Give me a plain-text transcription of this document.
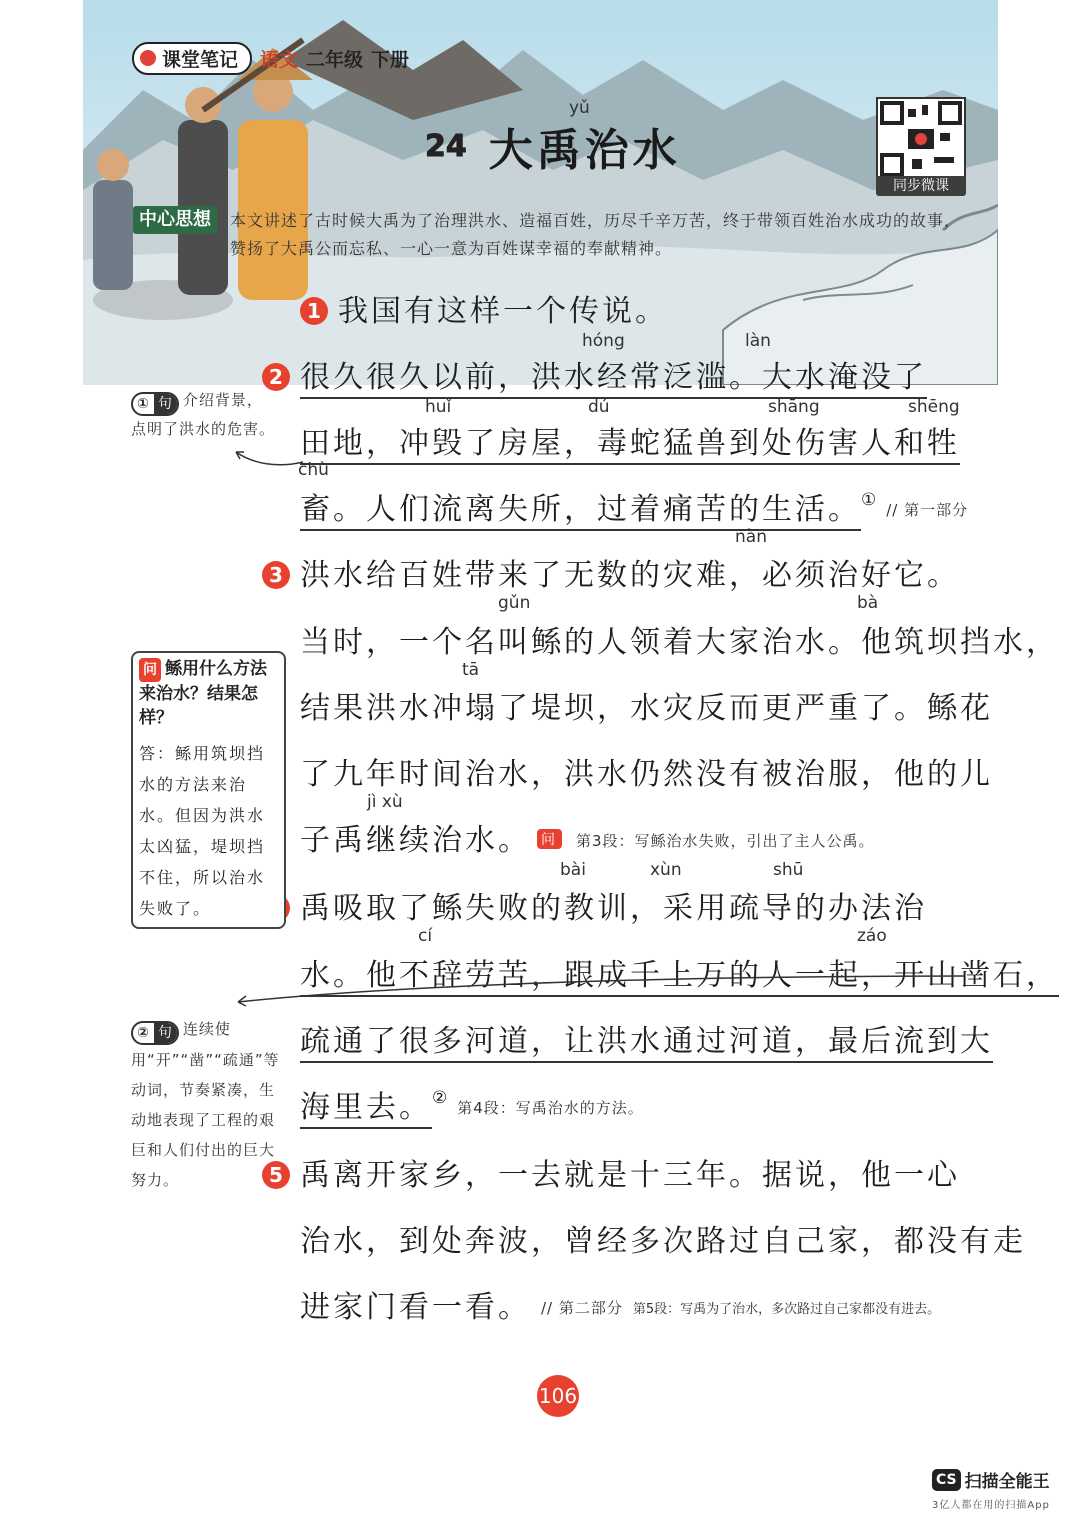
课堂笔记 语文 二年级 下册
yǔ
24 大禹治水
同步微课
中心思想	本文讲述了古时候大禹为了治理洪水、造福百姓，历尽千辛万苦，终于带领百姓治水成功的故事，赞扬了大禹公而忘私、一心一意为百姓谋幸福的奉献精神。
1 我国有这样一个传说。
hóng	làn
2 很久很久以前，洪水经常泛滥。大水淹没了
huǐ	dú	shāng	shēng
田地，冲毁了房屋，毒蛇猛兽到处伤害人和牲
chù
畜。人们流离失所，过着痛苦的生活。① // 第一部分
nàn
3 洪水给百姓带来了无数的灾难，必须治好它。
gǔn	bà
当时，一个名叫鲧的人领着大家治水。他筑坝挡水，
tā
结果洪水冲塌了堤坝，水灾反而更严重了。鲧花
了九年时间治水，洪水仍然没有被治服，他的儿
jì xù
子禹继续治水。 问 第3段：写鲧治水失败，引出了主人公禹。
bài	xùn	shū
禹吸取了鲧失败的教训，采用疏导的办法治
cí	záo
水。他不辞劳苦，跟成千上万的人一起，开山凿石，
疏通了很多河道，让洪水通过河道，最后流到大
海里去。② 第4段：写禹治水的方法。
5 禹离开家乡，一去就是十三年。据说，他一心
治水，到处奔波，曾经多次路过自己家，都没有走
进家门看一看。 // 第二部分 第5段：写禹为了治水，多次路过自己家都没有进去。
① 句 介绍背景，
点明了洪水的危害。
问 鲧用什么方法来治水？结果怎样？
答：鲧用筑坝挡水的方法来治水。但因为洪水太凶猛，堤坝挡不住，所以治水失败了。
② 句 连续使用“开”“凿”“疏通”等动词，节奏紧凑，生动地表现了工程的艰巨和人们付出的巨大努力。
106
CS 扫描全能王
3亿人都在用的扫描App
